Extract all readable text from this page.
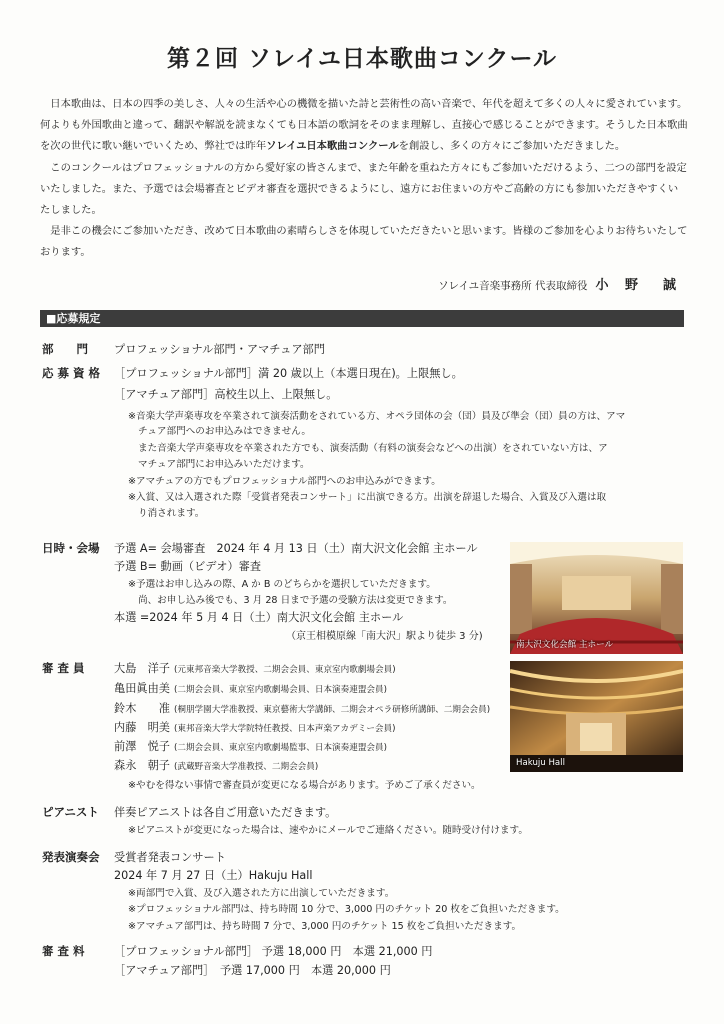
第２回 ソレイユ日本歌曲コンクール

日本歌曲は、日本の四季の美しさ、人々の生活や心の機微を描いた詩と芸術性の高い音楽で、年代を超えて多くの人々に愛されています。何よりも外国歌曲と違って、翻訳や解説を読まなくても日本語の歌詞をそのまま理解し、直接心で感じることができます。そうした日本歌曲を次の世代に歌い継いでいくため、弊社では昨年ソレイユ日本歌曲コンクールを創設し、多くの方々にご参加いただきました。

このコンクールはプロフェッショナルの方から愛好家の皆さんまで、また年齢を重ねた方々にもご参加いただけるよう、二つの部門を設定いたしました。また、予選では会場審査とビデオ審査を選択できるようにし、遠方にお住まいの方やご高齢の方にも参加いただきやすくいたしました。

是非この機会にご参加いただき、改めて日本歌曲の素晴らしさを体現していただきたいと思います。皆様のご参加を心よりお待ちいたしております。

ソレイユ音楽事務所 代表取締役 小 野　誠
■応募規定
部　　門 プロフェッショナル部門・アマチュア部門
応 募 資 格 ［プロフェッショナル部門］満 20 歳以上（本選日現在)。上限無し。
［アマチュア部門］高校生以上、上限無し。
※音楽大学声楽専攻を卒業されて演奏活動をされている方、オペラ団体の会（団）員及び準会（団）員の方は、アマ
チュア部門へのお申込みはできません。
また音楽大学声楽専攻を卒業された方でも、演奏活動（有料の演奏会などへの出演）をされていない方は、ア
マチュア部門にお申込みいただけます。
※アマチュアの方でもプロフェッショナル部門へのお申込みができます。
※入賞、又は入選された際「受賞者発表コンサート」に出演できる方。出演を辞退した場合、入賞及び入選は取
り消されます。
日時・会場 予選 A= 会場審査　2024 年 4 月 13 日（土）南大沢文化会館 主ホール
予選 B= 動画（ビデオ）審査
※予選はお申し込みの際、A か B のどちらかを選択していただきます。
尚、お申し込み後でも、3 月 28 日まで予選の受験方法は変更できます。
本選 =2024 年 5 月 4 日（土）南大沢文化会館 主ホール
（京王相模原線「南大沢」駅より徒歩 3 分)
南大沢文化会館 主ホール
審 査 員	大島　洋子 (元東邦音楽大学教授、二期会会員、東京室内歌劇場会員)
亀田眞由美 (二期会会員、東京室内歌劇場会員、日本演奏連盟会員)
鈴木　　准 (桐朋学園大学准教授、東京藝術大学講師、二期会オペラ研修所講師、二期会会員)
内藤　明美 (東邦音楽大学大学院特任教授、日本声楽アカデミー会員)
前澤　悦子 (二期会会員、東京室内歌劇場監事、日本演奏連盟会員)
森永　朝子 (武蔵野音楽大学准教授、二期会会員)
※やむを得ない事情で審査員が変更になる場合があります。予めご了承ください。
Hakuju Hall
ピアニスト 伴奏ピアニストは各自ご用意いただきます。
※ピアニストが変更になった場合は、速やかにメールでご連絡ください。随時受け付けます。
発表演奏会 受賞者発表コンサート
2024 年 7 月 27 日（土）Hakuju Hall
※両部門で入賞、及び入選された方に出演していただきます。
※プロフェッショナル部門は、持ち時間 10 分で、3,000 円のチケット 20 枚をご負担いただきます。
※アマチュア部門は、持ち時間 7 分で、3,000 円のチケット 15 枚をご負担いただきます。
審 査 料	［プロフェッショナル部門］ 予選 18,000 円　本選 21,000 円
［アマチュア部門］　予選 17,000 円　本選 20,000 円
